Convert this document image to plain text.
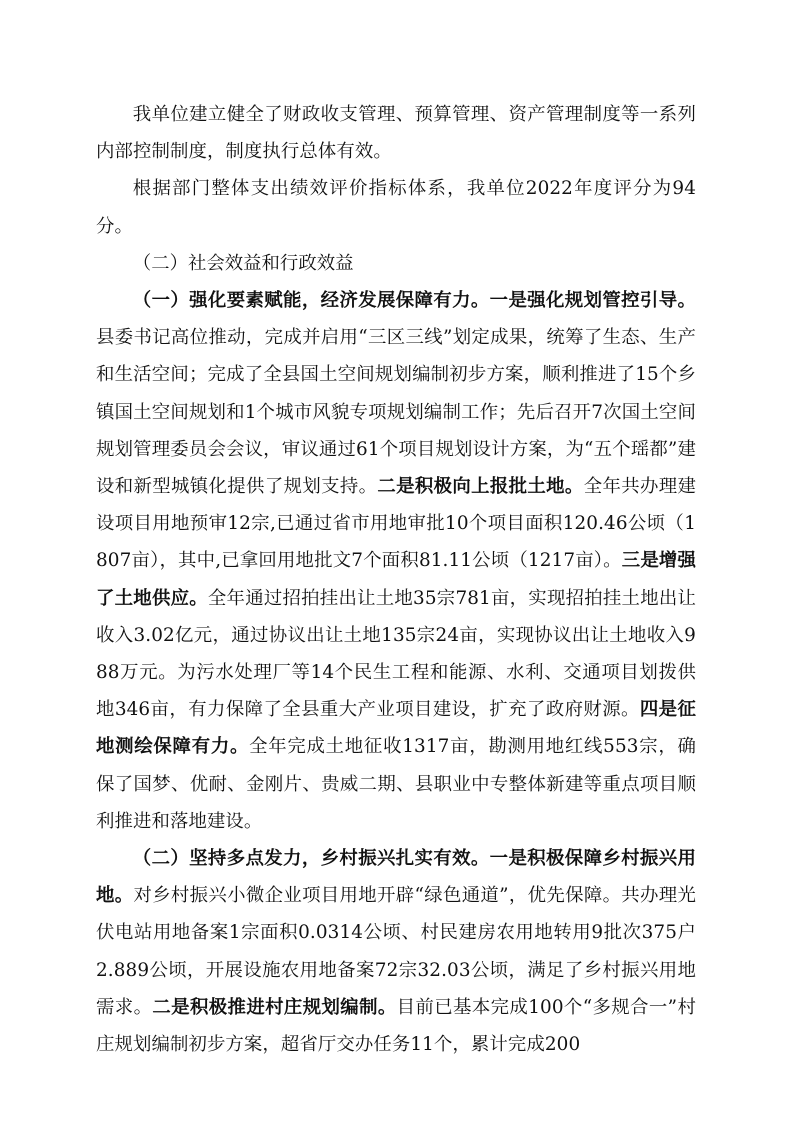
我单位建立健全了财政收支管理、预算管理、资产管理制度等一系列内部控制制度，制度执行总体有效。

根据部门整体支出绩效评价指标体系，我单位2022年度评分为94分。

（二）社会效益和行政效益

（一）强化要素赋能，经济发展保障有力。一是强化规划管控引导。县委书记高位推动，完成并启用“三区三线”划定成果，统筹了生态、生产和生活空间；完成了全县国土空间规划编制初步方案，顺利推进了15个乡镇国土空间规划和1个城市风貌专项规划编制工作；先后召开7次国土空间规划管理委员会会议，审议通过61个项目规划设计方案，为“五个瑶都”建设和新型城镇化提供了规划支持。二是积极向上报批土地。全年共办理建设项目用地预审12宗,已通过省市用地审批10个项目面积120.46公顷（1807亩），其中,已拿回用地批文7个面积81.11公顷（1217亩）。三是增强了土地供应。全年通过招拍挂出让土地35宗781亩，实现招拍挂土地出让收入3.02亿元，通过协议出让土地135宗24亩，实现协议出让土地收入988万元。为污水处理厂等14个民生工程和能源、水利、交通项目划拨供地346亩，有力保障了全县重大产业项目建设，扩充了政府财源。四是征地测绘保障有力。全年完成土地征收1317亩，勘测用地红线553宗，确保了国梦、优耐、金刚片、贵威二期、县职业中专整体新建等重点项目顺利推进和落地建设。

（二）坚持多点发力，乡村振兴扎实有效。一是积极保障乡村振兴用地。对乡村振兴小微企业项目用地开辟“绿色通道”，优先保障。共办理光伏电站用地备案1宗面积0.0314公顷、村民建房农用地转用9批次375户2.889公顷，开展设施农用地备案72宗32.03公顷，满足了乡村振兴用地需求。二是积极推进村庄规划编制。目前已基本完成100个“多规合一”村庄规划编制初步方案，超省厅交办任务11个，累计完成200
